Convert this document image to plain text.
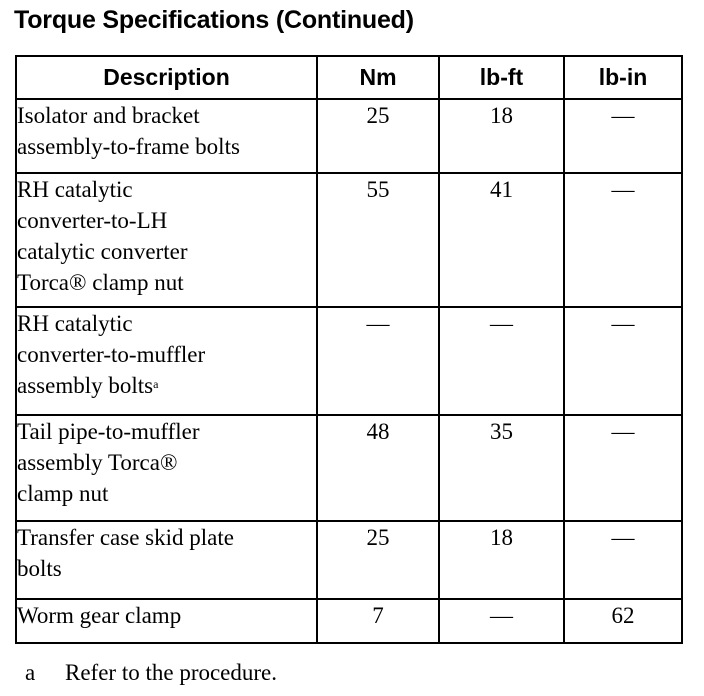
Torque Specifications (Continued)
Description	Nm	lb-ft	lb-in

Isolator and bracket
assembly-to-frame bolts	25	18	—

RH catalytic
converter-to-LH
catalytic converter
Torca® clamp nut	55	41	—

RH catalytic
converter-to-muffler
assembly bolts$^a$	—	—	—

Tail pipe-to-muffler
assembly Torca®
clamp nut	48	35	—

Transfer case skid plate
bolts	25	18	—

Worm gear clamp	7	—	62
a Refer to the procedure.
